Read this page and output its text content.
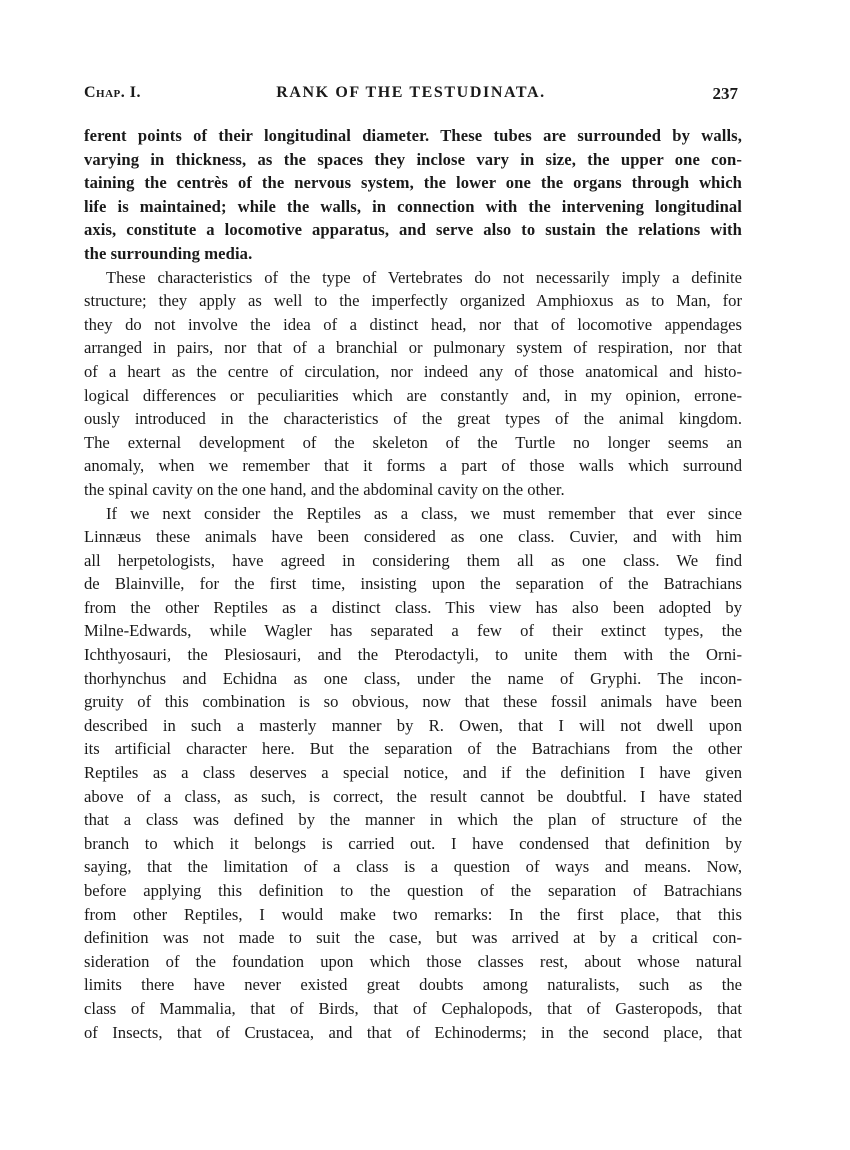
Chap. I.	RANK OF THE TESTUDINATA.	237
ferent points of their longitudinal diameter. These tubes are surrounded by walls,
varying in thickness, as the spaces they inclose vary in size, the upper one con-
taining the centrès of the nervous system, the lower one the organs through which
life is maintained; while the walls, in connection with the intervening longitudinal
axis, constitute a locomotive apparatus, and serve also to sustain the relations with
the surrounding media.
These characteristics of the type of Vertebrates do not necessarily imply a definite
structure; they apply as well to the imperfectly organized Amphioxus as to Man, for
they do not involve the idea of a distinct head, nor that of locomotive appendages
arranged in pairs, nor that of a branchial or pulmonary system of respiration, nor that
of a heart as the centre of circulation, nor indeed any of those anatomical and histo-
logical differences or peculiarities which are constantly and, in my opinion, errone-
ously introduced in the characteristics of the great types of the animal kingdom.
The external development of the skeleton of the Turtle no longer seems an
anomaly, when we remember that it forms a part of those walls which surround
the spinal cavity on the one hand, and the abdominal cavity on the other.
If we next consider the Reptiles as a class, we must remember that ever since
Linnæus these animals have been considered as one class. Cuvier, and with him
all herpetologists, have agreed in considering them all as one class. We find
de Blainville, for the first time, insisting upon the separation of the Batrachians
from the other Reptiles as a distinct class. This view has also been adopted by
Milne-Edwards, while Wagler has separated a few of their extinct types, the
Ichthyosauri, the Plesiosauri, and the Pterodactyli, to unite them with the Orni-
thorhynchus and Echidna as one class, under the name of Gryphi. The incon-
gruity of this combination is so obvious, now that these fossil animals have been
described in such a masterly manner by R. Owen, that I will not dwell upon
its artificial character here. But the separation of the Batrachians from the other
Reptiles as a class deserves a special notice, and if the definition I have given
above of a class, as such, is correct, the result cannot be doubtful. I have stated
that a class was defined by the manner in which the plan of structure of the
branch to which it belongs is carried out. I have condensed that definition by
saying, that the limitation of a class is a question of ways and means. Now,
before applying this definition to the question of the separation of Batrachians
from other Reptiles, I would make two remarks: In the first place, that this
definition was not made to suit the case, but was arrived at by a critical con-
sideration of the foundation upon which those classes rest, about whose natural
limits there have never existed great doubts among naturalists, such as the
class of Mammalia, that of Birds, that of Cephalopods, that of Gasteropods, that
of Insects, that of Crustacea, and that of Echinoderms; in the second place, that
